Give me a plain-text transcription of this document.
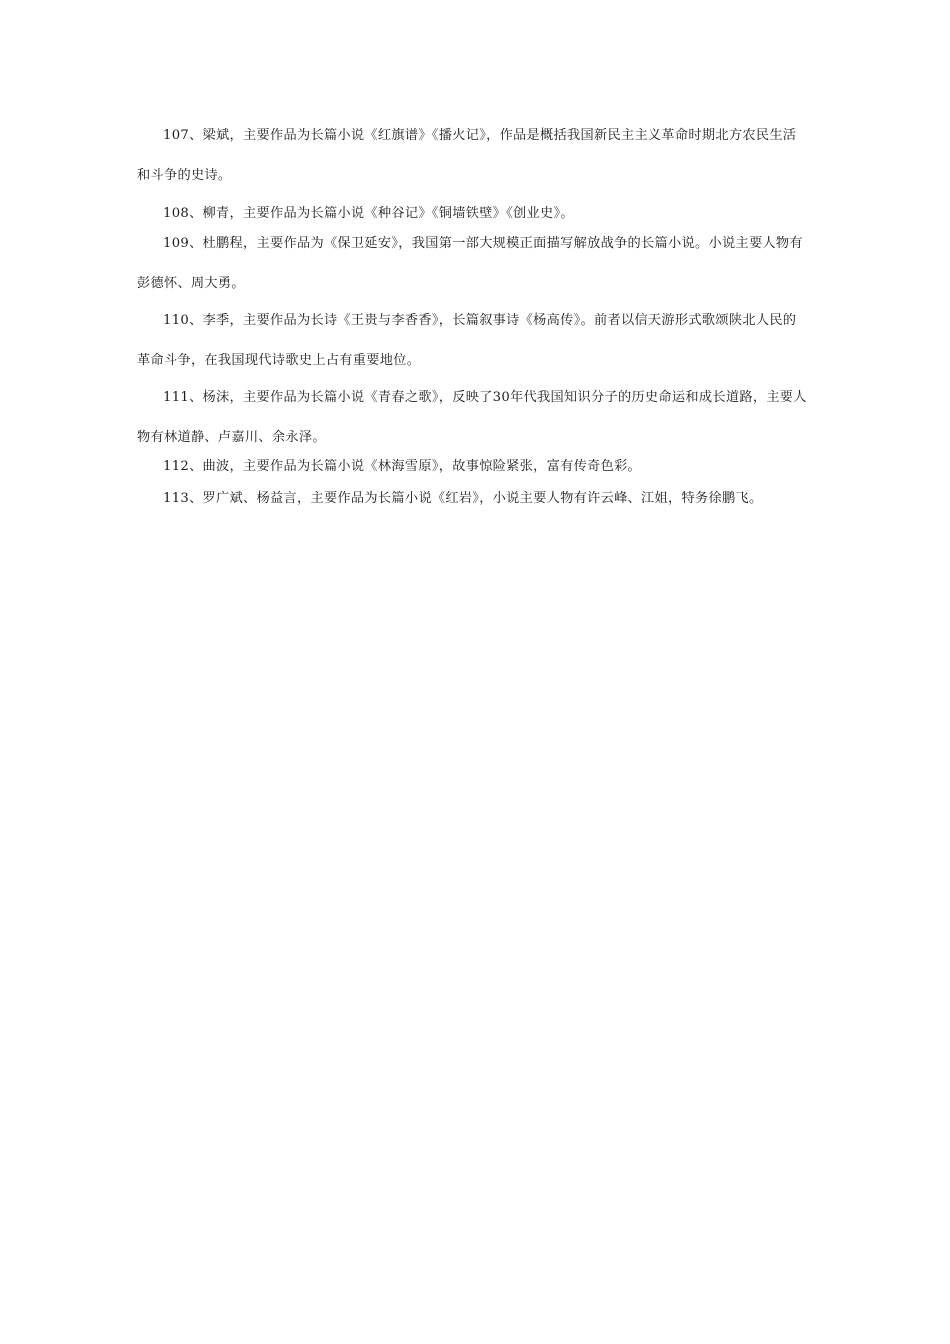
107、梁斌，主要作品为长篇小说《红旗谱》《播火记》，作品是概括我国新民主主义革命时期北方农民生活和斗争的史诗。

108、柳青，主要作品为长篇小说《种谷记》《铜墙铁壁》《创业史》。

109、杜鹏程，主要作品为《保卫延安》，我国第一部大规模正面描写解放战争的长篇小说。小说主要人物有彭德怀、周大勇。

110、李季，主要作品为长诗《王贵与李香香》，长篇叙事诗《杨高传》。前者以信天游形式歌颂陕北人民的革命斗争，在我国现代诗歌史上占有重要地位。

111、杨沫，主要作品为长篇小说《青春之歌》，反映了30年代我国知识分子的历史命运和成长道路，主要人物有林道静、卢嘉川、余永泽。

112、曲波，主要作品为长篇小说《林海雪原》，故事惊险紧张，富有传奇色彩。

113、罗广斌、杨益言，主要作品为长篇小说《红岩》，小说主要人物有许云峰、江姐，特务徐鹏飞。
